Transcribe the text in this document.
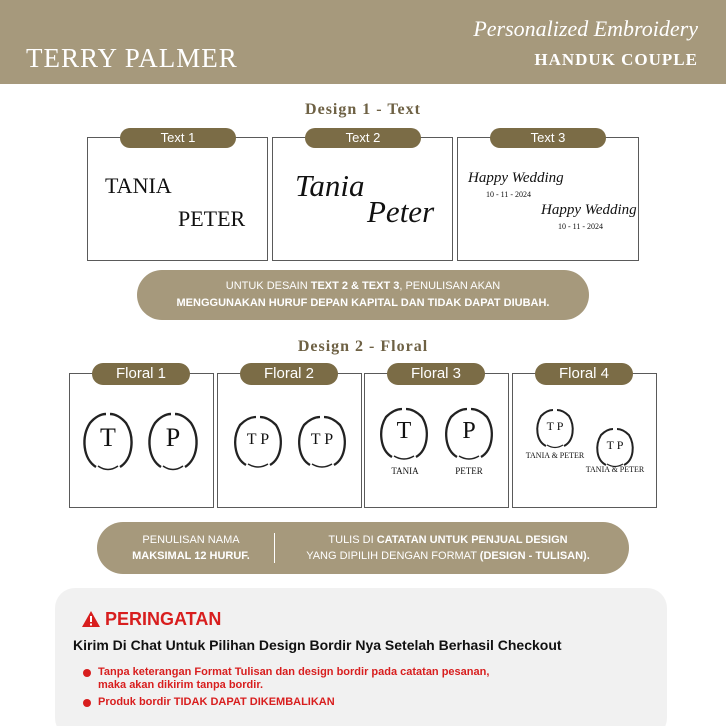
TERRY PALMER
Personalized Embroidery
HANDUK COUPLE
Design 1 - Text
TANIA
PETER
Text 1
Tania
Peter
Text 2
Happy Wedding
10 - 11 - 2024
Happy Wedding
10 - 11 - 2024
Text 3
UNTUK DESAIN TEXT 2 & TEXT 3, PENULISAN AKAN
MENGGUNAKAN HURUF DEPAN KAPITAL DAN TIDAK DAPAT DIUBAH.
Design 2 - Floral
T P
Floral 1
T P	T P
Floral 2
T
TANIA
P
PETER
Floral 3
T P
TANIA & PETER
T P
TANIA & PETER
Floral 4
PENULISAN NAMA
MAKSIMAL 12 HURUF.
TULIS DI CATATAN UNTUK PENJUAL DESIGN
YANG DIPILIH DENGAN FORMAT (DESIGN - TULISAN).
PERINGATAN
Kirim Di Chat Untuk Pilihan Design Bordir Nya Setelah Berhasil Checkout
Tanpa keterangan Format Tulisan dan design bordir pada catatan pesanan,
maka akan dikirim tanpa bordir.
Produk bordir TIDAK DAPAT DIKEMBALIKAN
